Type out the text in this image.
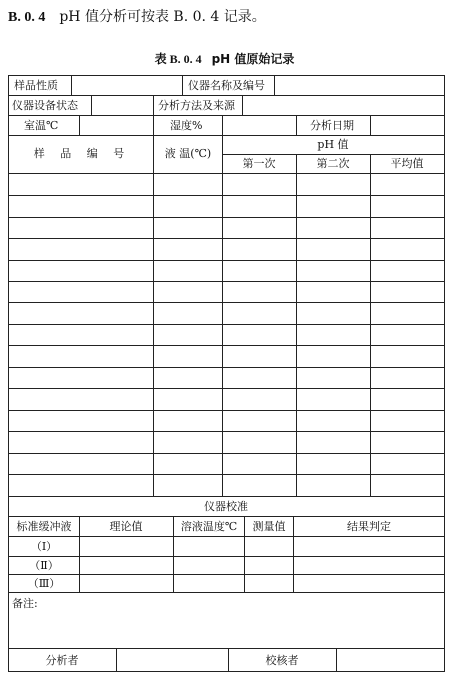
B. 0. 4 pH 值分析可按表 B. 0. 4 记录。
表 B. 0. 4 pH 值原始记录
样品性质	仪器名称及编号
仪器设备状态	分析方法及来源
室温℃	湿度%	分析日期
样 品 编 号	液 温(℃)
pH 值
第一次	第二次	平均值
仪器校准
标准缓冲液	理论值	溶液温度℃ 测量值	结果判定
（Ⅰ）
（Ⅱ）
（Ⅲ）
备注:
分析者	校核者
